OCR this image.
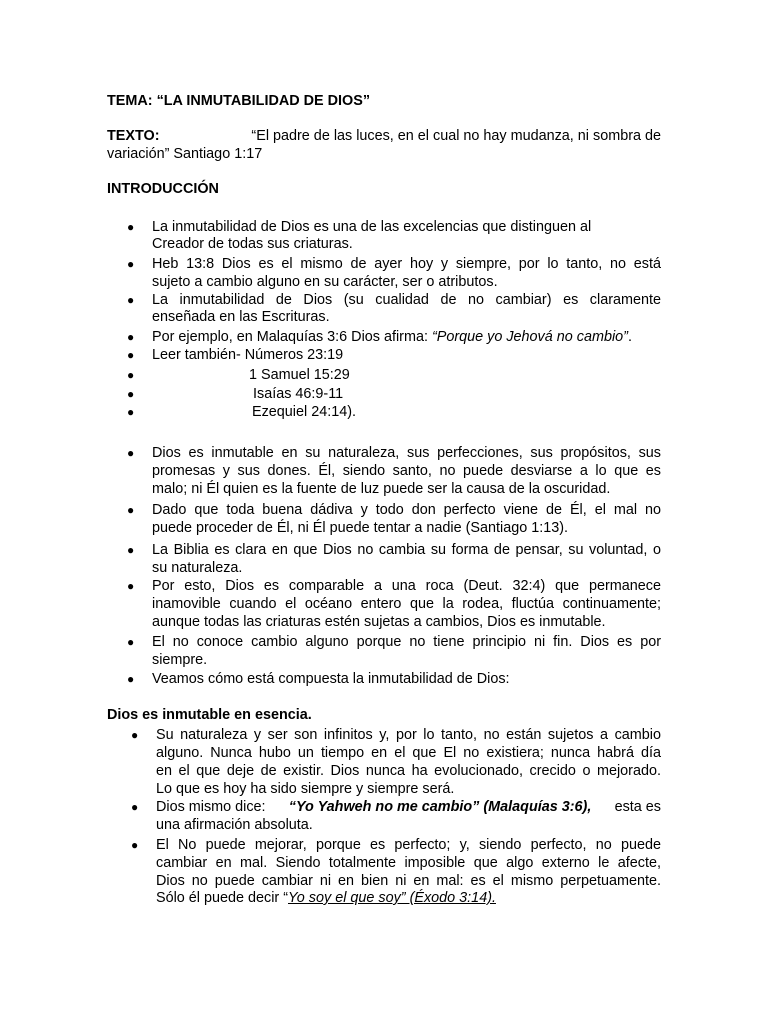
TEMA: “LA INMUTABILIDAD DE DIOS”
TEXTO:	“El padre de las luces, en el cual no hay mudanza, ni sombra de
variación” Santiago 1:17
INTRODUCCIÓN
● La inmutabilidad de Dios es una de las excelencias que distinguen al
Creador de todas sus criaturas.
● Heb 13:8 Dios es el mismo de ayer hoy y siempre, por lo tanto, no está
sujeto a cambio alguno en su carácter, ser o atributos.
● La inmutabilidad de Dios (su cualidad de no cambiar) es claramente
enseñada en las Escrituras.
● Por ejemplo, en Malaquías 3:6 Dios afirma: “Porque yo Jehová no cambio”.
● Leer también- Números 23:19
●	1 Samuel 15:29
●	Isaías 46:9-11
●	Ezequiel 24:14).
● Dios es inmutable en su naturaleza, sus perfecciones, sus propósitos, sus
promesas y sus dones. Él, siendo santo, no puede desviarse a lo que es
malo; ni Él quien es la fuente de luz puede ser la causa de la oscuridad.
● Dado que toda buena dádiva y todo don perfecto viene de Él, el mal no
puede proceder de Él, ni Él puede tentar a nadie (Santiago 1:13).
● La Biblia es clara en que Dios no cambia su forma de pensar, su voluntad, o
su naturaleza.
● Por esto, Dios es comparable a una roca (Deut. 32:4) que permanece
inamovible cuando el océano entero que la rodea, fluctúa continuamente;
aunque todas las criaturas estén sujetas a cambios, Dios es inmutable.
● El no conoce cambio alguno porque no tiene principio ni fin. Dios es por
siempre.
● Veamos cómo está compuesta la inmutabilidad de Dios:
Dios es inmutable en esencia.
● Su naturaleza y ser son infinitos y, por lo tanto, no están sujetos a cambio
alguno. Nunca hubo un tiempo en el que El no existiera; nunca habrá día
en el que deje de existir. Dios nunca ha evolucionado, crecido o mejorado.
Lo que es hoy ha sido siempre y siempre será.
● Dios mismo dice: “Yo Yahweh no me cambio” (Malaquías 3:6), esta es
una afirmación absoluta.
● El No puede mejorar, porque es perfecto; y, siendo perfecto, no puede
cambiar en mal. Siendo totalmente imposible que algo externo le afecte,
Dios no puede cambiar ni en bien ni en mal: es el mismo perpetuamente.
Sólo él puede decir “Yo soy el que soy” (Éxodo 3:14).
